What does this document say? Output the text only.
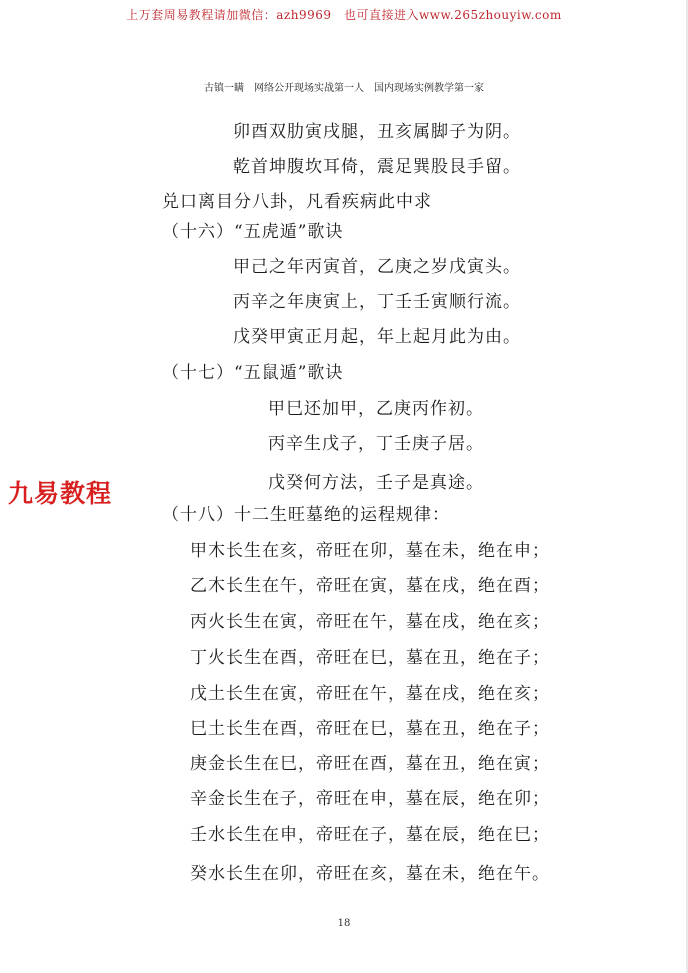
上万套周易教程请加微信：azh9969　也可直接进入www.265zhouyiw.com
古镇一瞒　网络公开现场实战第一人　国内现场实例教学第一家
九易教程
卯酉双肋寅戌腿，丑亥属脚子为阴。
乾首坤腹坎耳倚，震足巽股艮手留。
兑口离目分八卦，凡看疾病此中求
（十六）“五虎遁”歌诀
甲己之年丙寅首，乙庚之岁戊寅头。
丙辛之年庚寅上，丁壬壬寅顺行流。
戊癸甲寅正月起，年上起月此为由。
（十七）“五鼠遁”歌诀
甲巳还加甲，乙庚丙作初。
丙辛生戊子，丁壬庚子居。
戊癸何方法，壬子是真途。
（十八）十二生旺墓绝的运程规律：
甲木长生在亥，帝旺在卯，墓在未，绝在申；
乙木长生在午，帝旺在寅，墓在戌，绝在酉；
丙火长生在寅，帝旺在午，墓在戌，绝在亥；
丁火长生在酉，帝旺在巳，墓在丑，绝在子；
戊土长生在寅，帝旺在午，墓在戌，绝在亥；
巳土长生在酉，帝旺在巳，墓在丑，绝在子；
庚金长生在巳，帝旺在酉，墓在丑，绝在寅；
辛金长生在子，帝旺在申，墓在辰，绝在卯；
壬水长生在申，帝旺在子，墓在辰，绝在巳；
癸水长生在卯，帝旺在亥，墓在未，绝在午。
18
